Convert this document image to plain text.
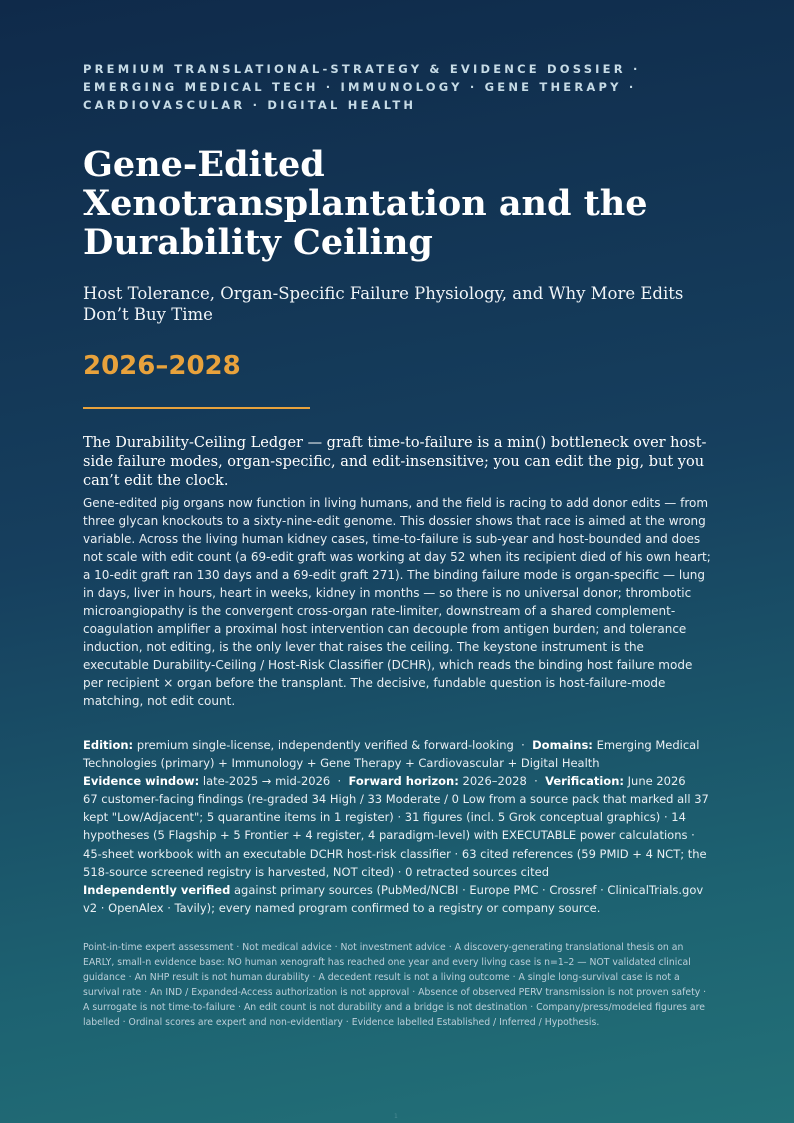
PREMIUM TRANSLATIONAL-STRATEGY & EVIDENCE DOSSIER · EMERGING MEDICAL TECH · IMMUNOLOGY · GENE THERAPY · CARDIOVASCULAR · DIGITAL HEALTH

Gene-Edited Xenotransplantation and the Durability Ceiling

Host Tolerance, Organ-Specific Failure Physiology, and Why More Edits Don’t Buy Time

2026–2028

The Durability-Ceiling Ledger — graft time-to-failure is a min() bottleneck over host-side failure modes, organ-specific, and edit-insensitive; you can edit the pig, but you can’t edit the clock.

Gene-edited pig organs now function in living humans, and the field is racing to add donor edits — from three glycan knockouts to a sixty-nine-edit genome. This dossier shows that race is aimed at the wrong variable. Across the living human kidney cases, time-to-failure is sub-year and host-bounded and does not scale with edit count (a 69-edit graft was working at day 52 when its recipient died of his own heart; a 10-edit graft ran 130 days and a 69-edit graft 271). The binding failure mode is organ-specific — lung in days, liver in hours, heart in weeks, kidney in months — so there is no universal donor; thrombotic microangiopathy is the convergent cross-organ rate-limiter, downstream of a shared complement-coagulation amplifier a proximal host intervention can decouple from antigen burden; and tolerance induction, not editing, is the only lever that raises the ceiling. The keystone instrument is the executable Durability-Ceiling / Host-Risk Classifier (DCHR), which reads the binding host failure mode per recipient × organ before the transplant. The decisive, fundable question is host-failure-mode matching, not edit count.

Edition: premium single-license, independently verified & forward-looking  ·  Domains: Emerging Medical Technologies (primary) + Immunology + Gene Therapy + Cardiovascular + Digital Health

Evidence window: late-2025 → mid-2026  ·  Forward horizon: 2026–2028  ·  Verification: June 2026

67 customer-facing findings (re-graded 34 High / 33 Moderate / 0 Low from a source pack that marked all 37 kept "Low/Adjacent"; 5 quarantine items in 1 register) · 31 figures (incl. 5 Grok conceptual graphics) · 14 hypotheses (5 Flagship + 5 Frontier + 4 register, 4 paradigm-level) with EXECUTABLE power calculations · 45-sheet workbook with an executable DCHR host-risk classifier · 63 cited references (59 PMID + 4 NCT; the 518-source screened registry is harvested, NOT cited) · 0 retracted sources cited

Independently verified against primary sources (PubMed/NCBI · Europe PMC · Crossref · ClinicalTrials.gov v2 · OpenAlex · Tavily); every named program confirmed to a registry or company source.

Point-in-time expert assessment · Not medical advice · Not investment advice · A discovery-generating translational thesis on an EARLY, small-n evidence base: NO human xenograft has reached one year and every living case is n=1–2 — NOT validated clinical guidance · An NHP result is not human durability · A decedent result is not a living outcome · A single long-survival case is not a survival rate · An IND / Expanded-Access authorization is not approval · Absence of observed PERV transmission is not proven safety · A surrogate is not time-to-failure · An edit count is not durability and a bridge is not destination · Company/press/modeled figures are labelled · Ordinal scores are expert and non-evidentiary · Evidence labelled Established / Inferred / Hypothesis.

1
